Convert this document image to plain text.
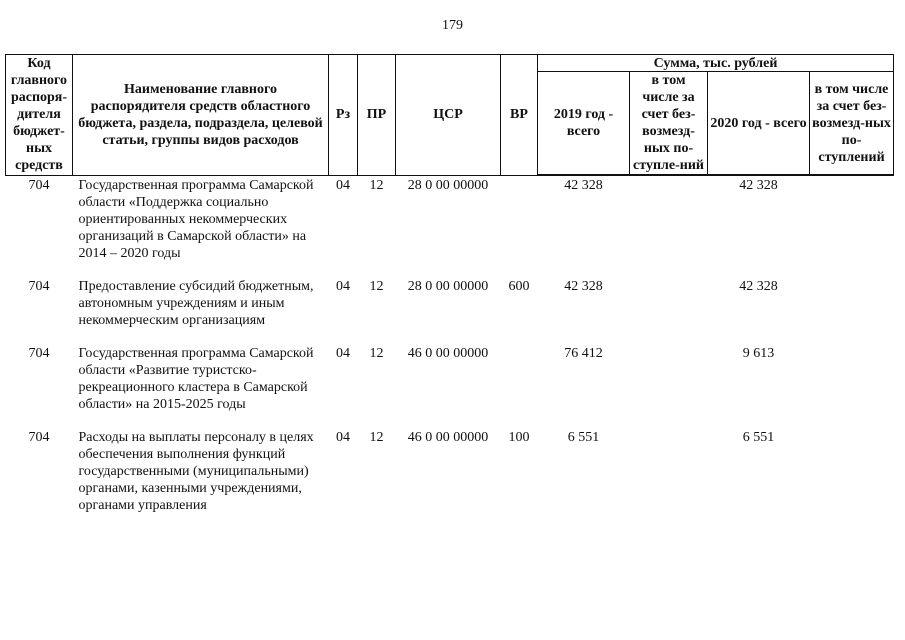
179
Код главного распоря-дителя бюджет-ных средств	Наименование главного распорядителя средств областного бюджета, раздела, подраздела, целевой статьи, группы видов расходов	Рз	ПР	ЦСР	ВР	Сумма, тыс. рублей			
						2019 год - всего	в том числе за счет без-возмезд-ных по-ступле-ний	2020 год - всего	в том числе за счет без-возмезд-ных по-ступлений
704	Государственная программа Самарской области «Поддержка социально ориентированных некоммерческих организаций в Самарской области» на 2014 – 2020 годы	04	12	28 0 00 00000		42 328		42 328	
704	Предоставление субсидий бюджетным, автономным учреждениям и иным некоммерческим организациям	04	12	28 0 00 00000	600	42 328		42 328	
704	Государственная программа Самарской области «Развитие туристско-рекреационного кластера в Самарской области» на 2015-2025 годы	04	12	46 0 00 00000		76 412		9 613	
704	Расходы на выплаты персоналу в целях обеспечения выполнения функций государственными (муниципальными) органами, казенными учреждениями, органами управления	04	12	46 0 00 00000	100	6 551		6 551	
